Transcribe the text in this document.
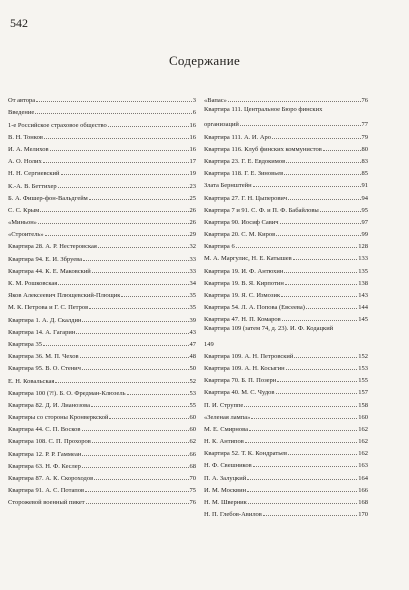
542
Содержание
От автора	3
Введение	6
1-е Российское страховое общество	16
В. Н. Тонков	16
И. А. Мелихов	16
А. О. Нолих	17
Н. Н. Сергиевский	19
К.-А. В. Беттихер	23
Б. А. Фишер-фон-Вальдгейм	25
С. С. Крым	26
«Миньон»	26
«Строитель»	29
Квартира 28. А. Р. Нестеровская	32
Квартира 94. Е. И. Збруева	33
Квартира 44. К. Е. Маковский	33
К. М. Рошковская	34
Яков Алексеевич Плющевский-Плющик	35
М. К. Петрова и Г. С. Петров	35
Квартира 1. А. Д. Скалдин	39
Квартира 14. А. Гагарин	43
Квартира 35	47
Квартира 36. М. П. Чехов	48
Квартира 95. В. О. Стенич	50
Е. Н. Ковальская	52
Квартира 100 (?!). Б. О. Фредман-Клюзель	53
Квартира 82. Д. И. Лианозова	55
Квартиры со стороны Кронверкской	60
Квартира 44. С. П. Восков	60
Квартира 108. С. П. Прохоров	62
Квартира 12. Р. Р. Гаммеан	66
Квартира 63. Н. Ф. Кеслер	68
Квартира 87. А. К. Скороходов	70
Квартира 91. А. С. Потапов	75
Сторожевой военный пикет	76
«Вапас»	76
Квартира 111. Центральное Бюро финских
организаций	77
Квартира 111. А. И. Аро	79
Квартира 116. Клуб финских коммунистов	80
Квартира 23. Г. Е. Евдокимов	83
Квартира 118. Г. Е. Зиновьев	85
Злата Бернштейн	91
Квартира 27. Г. Н. Цыперович	94
Квартира 7 и 91. С. Ф. и П. Ф. Бабайловы	95
Квартира 90. Иосиф Савич	97
Квартира 20. С. М. Киров	99
Квартира 6	128
М. А. Маргулис, Н. Е. Катышев	133
Квартира 19. И. Ф. Антюхин	135
Квартира 19. В. Я. Кирпотин	138
Квартира 19. Я. С. Измозик	143
Квартира 54. Л. А. Попова (Евсеева)	144
Квартира 47. Н. П. Комаров	145
Квартира 109 (затем 74, д. 23). И. Ф. Кодацкий
149
Квартира 109. А. Н. Петровский	152
Квартира 109. А. Н. Косыгин	153
Квартира 70. Б. П. Позерн	155
Квартира 40. М. С. Чудов	157
П. И. Струппе	158
«Зеленая лампа»	160
М. Е. Смирнова	162
Н. К. Антипов	162
Квартира 52. Т. К. Кондратьев	162
Н. Ф. Свешников	163
П. А. Залуцкий	164
И. М. Москвин	166
Н. М. Шверник	168
Н. П. Глебов-Авилов	170
